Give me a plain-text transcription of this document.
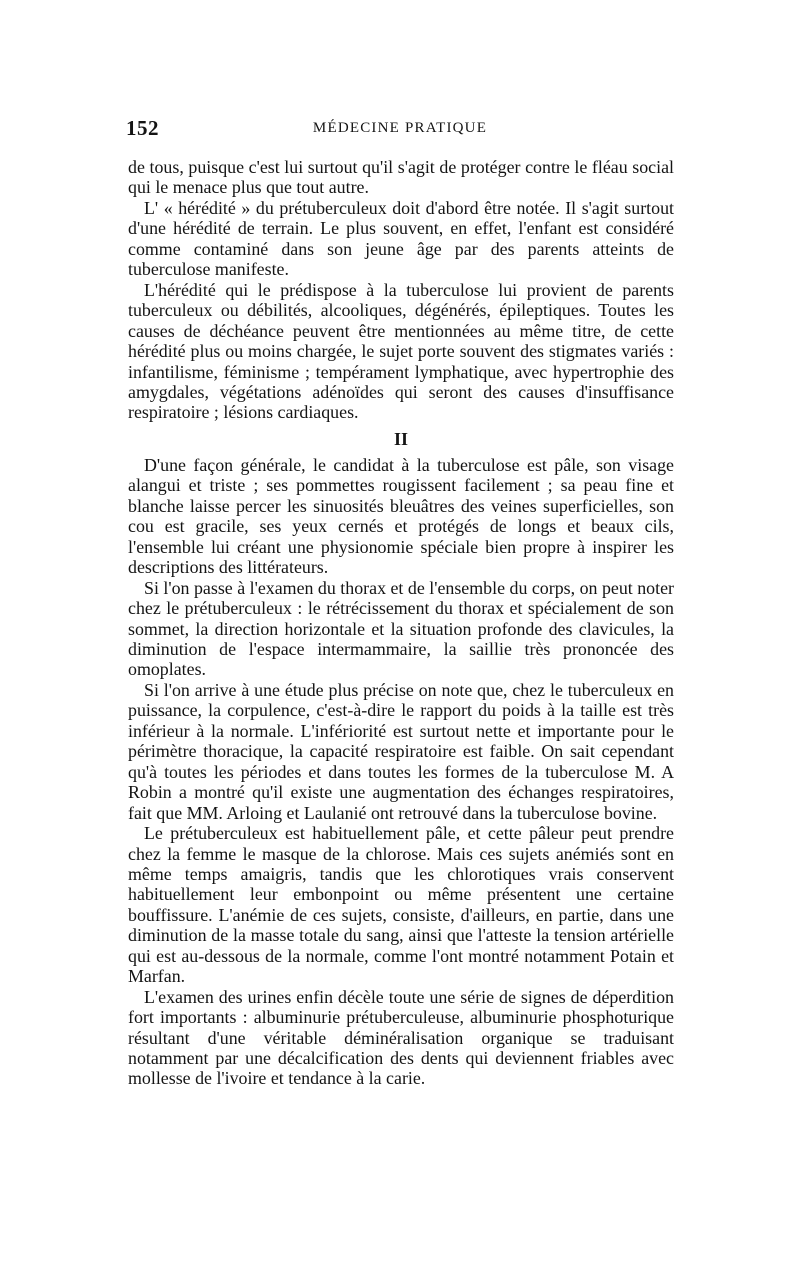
152	MÉDECINE PRATIQUE

de tous, puisque c'est lui surtout qu'il s'agit de protéger contre le fléau social qui le menace plus que tout autre.

L' « hérédité » du prétuberculeux doit d'abord être notée. Il s'agit surtout d'une hérédité de terrain. Le plus souvent, en effet, l'enfant est considéré comme contaminé dans son jeune âge par des parents atteints de tuberculose manifeste.

L'hérédité qui le prédispose à la tuberculose lui provient de parents tuberculeux ou débilités, alcooliques, dégénérés, épileptiques. Toutes les causes de déchéance peuvent être mentionnées au même titre, de cette hérédité plus ou moins chargée, le sujet porte souvent des stigmates variés : infantilisme, féminisme ; tempérament lymphatique, avec hypertrophie des amygdales, végétations adénoïdes qui seront des causes d'insuffisance respiratoire ; lésions cardiaques.

II

D'une façon générale, le candidat à la tuberculose est pâle, son visage alangui et triste ; ses pommettes rougissent facilement ; sa peau fine et blanche laisse percer les sinuosités bleuâtres des veines superficielles, son cou est gracile, ses yeux cernés et protégés de longs et beaux cils, l'ensemble lui créant une physionomie spéciale bien propre à inspirer les descriptions des littérateurs.

Si l'on passe à l'examen du thorax et de l'ensemble du corps, on peut noter chez le prétuberculeux : le rétrécissement du thorax et spécialement de son sommet, la direction horizontale et la situation profonde des clavicules, la diminution de l'espace intermammaire, la saillie très prononcée des omoplates.

Si l'on arrive à une étude plus précise on note que, chez le tuberculeux en puissance, la corpulence, c'est-à-dire le rapport du poids à la taille est très inférieur à la normale. L'infériorité est surtout nette et importante pour le périmètre thoracique, la capacité respiratoire est faible. On sait cependant qu'à toutes les périodes et dans toutes les formes de la tuberculose M. A Robin a montré qu'il existe une augmentation des échanges respiratoires, fait que MM. Arloing et Laulanié ont retrouvé dans la tuberculose bovine.

Le prétuberculeux est habituellement pâle, et cette pâleur peut prendre chez la femme le masque de la chlorose. Mais ces sujets anémiés sont en même temps amaigris, tandis que les chlorotiques vrais conservent habituellement leur embonpoint ou même présentent une certaine bouffissure. L'anémie de ces sujets, consiste, d'ailleurs, en partie, dans une diminution de la masse totale du sang, ainsi que l'atteste la tension artérielle qui est au-dessous de la normale, comme l'ont montré notamment Potain et Marfan.

L'examen des urines enfin décèle toute une série de signes de déperdition fort importants : albuminurie prétuberculeuse, albuminurie phosphoturique résultant d'une véritable déminéralisation organique se traduisant notamment par une décalcification des dents qui deviennent friables avec mollesse de l'ivoire et tendance à la carie.
